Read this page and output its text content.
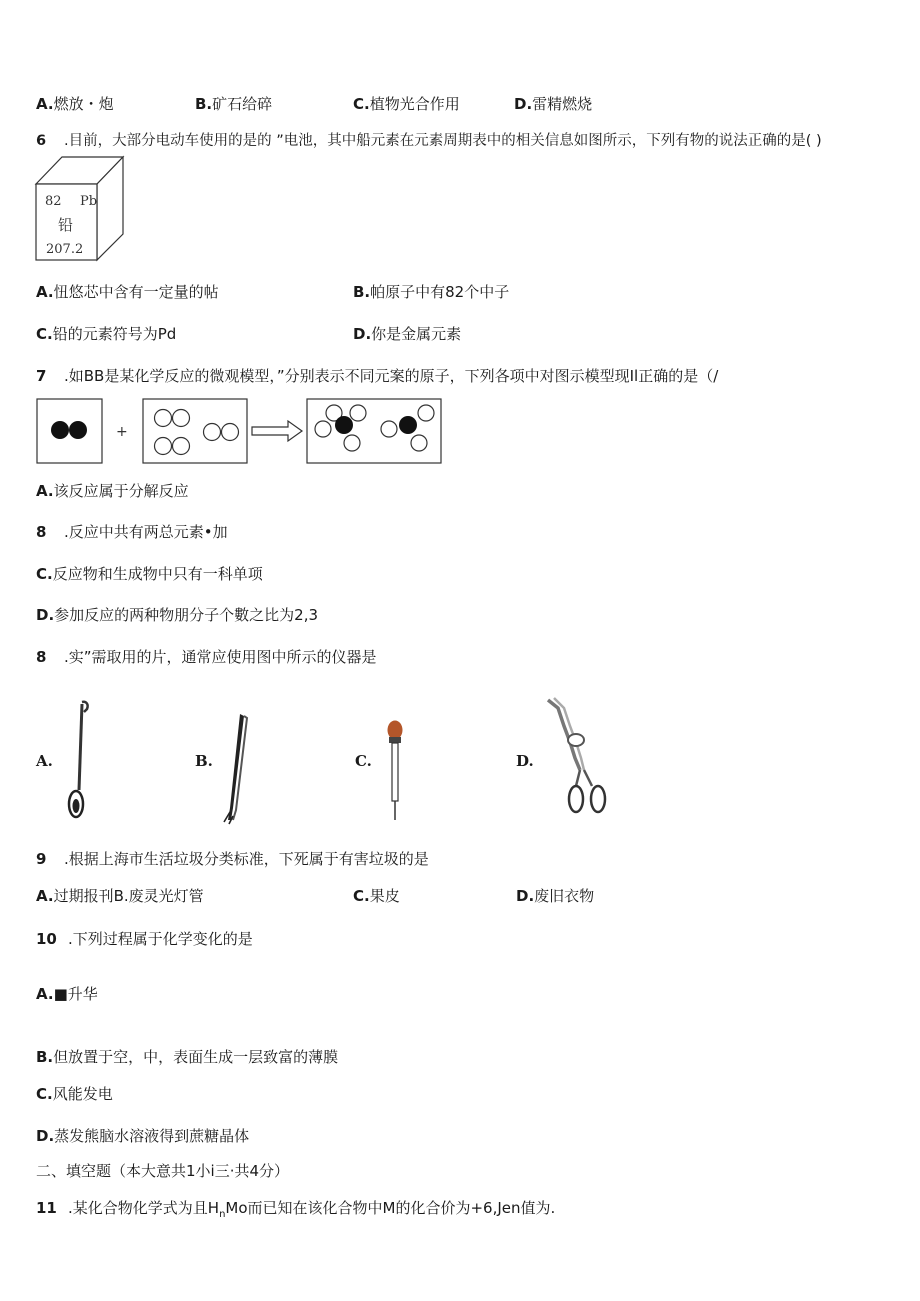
A.燃放・炮	B.矿石给碎	C.植物光合作用	D.雷精燃烧
6 .目前，大部分电动车使用的是的 ”电池，其中船元素在元素周期表中的相关信息如图所示，下列有物的说法正确的是( )
82 Pb
铅
207.2
A.忸悠芯中含有一定量的帖	B.帕原子中有82个中子
C.铅的元素符号为Pd	D.你是金属元素
7 .如BB是某化学反应的微观模型，”分别表示不同元案的原子，下列各项中对图示模型现Il正确的是（/
+
A.该反应属于分解反应
8 .反应中共有两总元素•加
C.反应物和生成物中只有一科单项
D.参加反应的两种物朋分子个數之比为2,3
8 .实”需取用的片，通常应使用图中所示的仪器是
A.	B.	C.	D.
9 .根据上海市生活垃圾分类标准，下死属于有害垃圾的是
A.过期报刊B.废灵光灯管	C.果皮	D.废旧衣物
10 .下列过程属于化学变化的是
A.■升华
B.但放置于空，中，表面生成一层致富的薄膜
C.风能发电
D.蒸发熊脑水溶液得到蔗糖晶体
二、填空题（本大意共1小i三·共4分）
11 .某化合物化学式为且$H_nMo$而已知在该化合物中M的化合价为+6,Jen值为.
